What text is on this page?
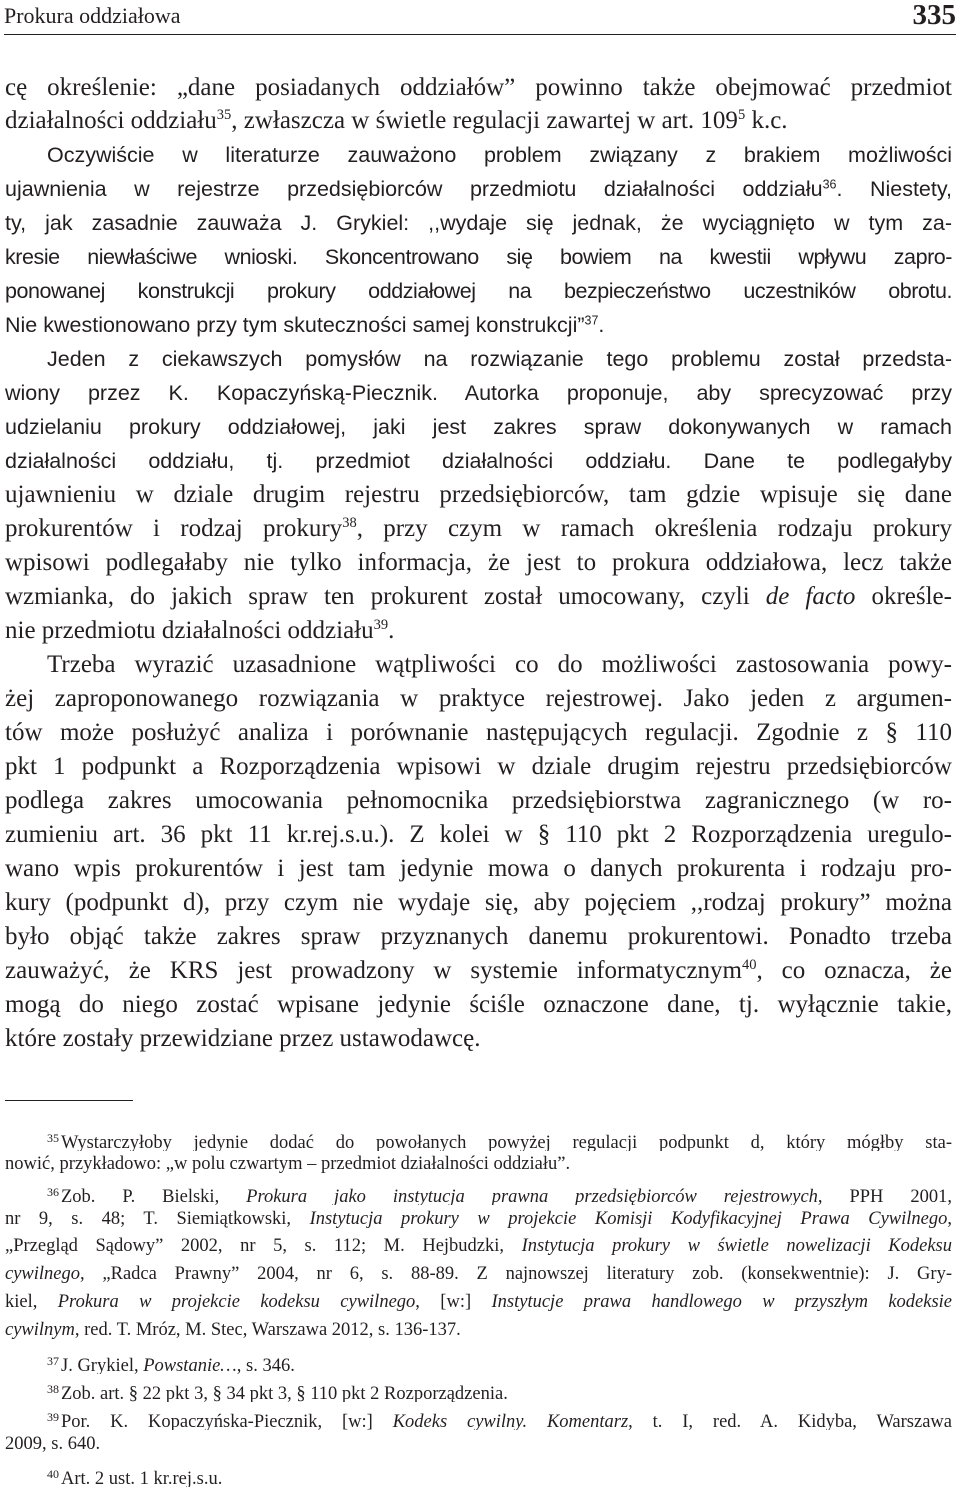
Prokura oddziałowa	335

cę określenie: „dane posiadanych oddziałów” powinno także obejmować przedmiot

działalności oddziału$^{35}$, zwłaszcza w świetle regulacji zawartej w art. $109^5$ k.c.

Oczywiście w literaturze zauważono problem związany z brakiem możliwości

ujawnienia w rejestrze przedsiębiorców przedmiotu działalności oddziału$^{36}$. Niestety,

ty, jak zasadnie zauważa J. Grykiel: ,,wydaje się jednak, że wyciągnięto w tym za-

kresie niewłaściwe wnioski. Skoncentrowano się bowiem na kwestii wpływu zapro-

ponowanej konstrukcji prokury oddziałowej na bezpieczeństwo uczestników obrotu.

Nie kwestionowano przy tym skuteczności samej konstrukcji”$^{37}$.

Jeden z ciekawszych pomysłów na rozwiązanie tego problemu został przedsta-

wiony przez K. Kopaczyńską-Piecznik. Autorka proponuje, aby sprecyzować przy

udzielaniu prokury oddziałowej, jaki jest zakres spraw dokonywanych w ramach

działalności oddziału, tj. przedmiot działalności oddziału. Dane te podlegałyby

ujawnieniu w dziale drugim rejestru przedsiębiorców, tam gdzie wpisuje się dane

prokurentów i rodzaj prokury$^{38}$, przy czym w ramach określenia rodzaju prokury

wpisowi podlegałaby nie tylko informacja, że jest to prokura oddziałowa, lecz także

wzmianka, do jakich spraw ten prokurent został umocowany, czyli de facto określe-

nie przedmiotu działalności oddziału$^{39}$.

Trzeba wyrazić uzasadnione wątpliwości co do możliwości zastosowania powy-

żej zaproponowanego rozwiązania w praktyce rejestrowej. Jako jeden z argumen-

tów może posłużyć analiza i porównanie następujących regulacji. Zgodnie z § 110

pkt 1 podpunkt a Rozporządzenia wpisowi w dziale drugim rejestru przedsiębiorców

podlega zakres umocowania pełnomocnika przedsiębiorstwa zagranicznego (w ro-

zumieniu art. 36 pkt 11 kr.rej.s.u.). Z kolei w § 110 pkt 2 Rozporządzenia uregulo-

wano wpis prokurentów i jest tam jedynie mowa o danych prokurenta i rodzaju pro-

kury (podpunkt d), przy czym nie wydaje się, aby pojęciem ,,rodzaj prokury” można

było objąć także zakres spraw przyznanych danemu prokurentowi. Ponadto trzeba

zauważyć, że KRS jest prowadzony w systemie informatycznym$^{40}$, co oznacza, że

mogą do niego zostać wpisane jedynie ściśle oznaczone dane, tj. wyłącznie takie,

które zostały przewidziane przez ustawodawcę.

$^{35}$ Wystarczyłoby jedynie dodać do powołanych powyżej regulacji podpunkt d, który mógłby sta-

nowić, przykładowo: „w polu czwartym – przedmiot działalności oddziału”.

$^{36}$ Zob. P. Bielski, Prokura jako instytucja prawna przedsiębiorców rejestrowych, PPH 2001,

nr 9, s. 48; T. Siemiątkowski, Instytucja prokury w projekcie Komisji Kodyfikacyjnej Prawa Cywilnego,

„Przegląd Sądowy” 2002, nr 5, s. 112; M. Hejbudzki, Instytucja prokury w świetle nowelizacji Kodeksu

cywilnego, „Radca Prawny” 2004, nr 6, s. 88-89. Z najnowszej literatury zob. (konsekwentnie): J. Gry-

kiel, Prokura w projekcie kodeksu cywilnego, [w:] Instytucje prawa handlowego w przyszłym kodeksie

cywilnym, red. T. Mróz, M. Stec, Warszawa 2012, s. 136-137.

$^{37}$ J. Grykiel, Powstanie…, s. 346.

$^{38}$ Zob. art. § 22 pkt 3, § 34 pkt 3, § 110 pkt 2 Rozporządzenia.

$^{39}$ Por. K. Kopaczyńska-Piecznik, [w:] Kodeks cywilny. Komentarz, t. I, red. A. Kidyba, Warszawa

2009, s. 640.

$^{40}$ Art. 2 ust. 1 kr.rej.s.u.
